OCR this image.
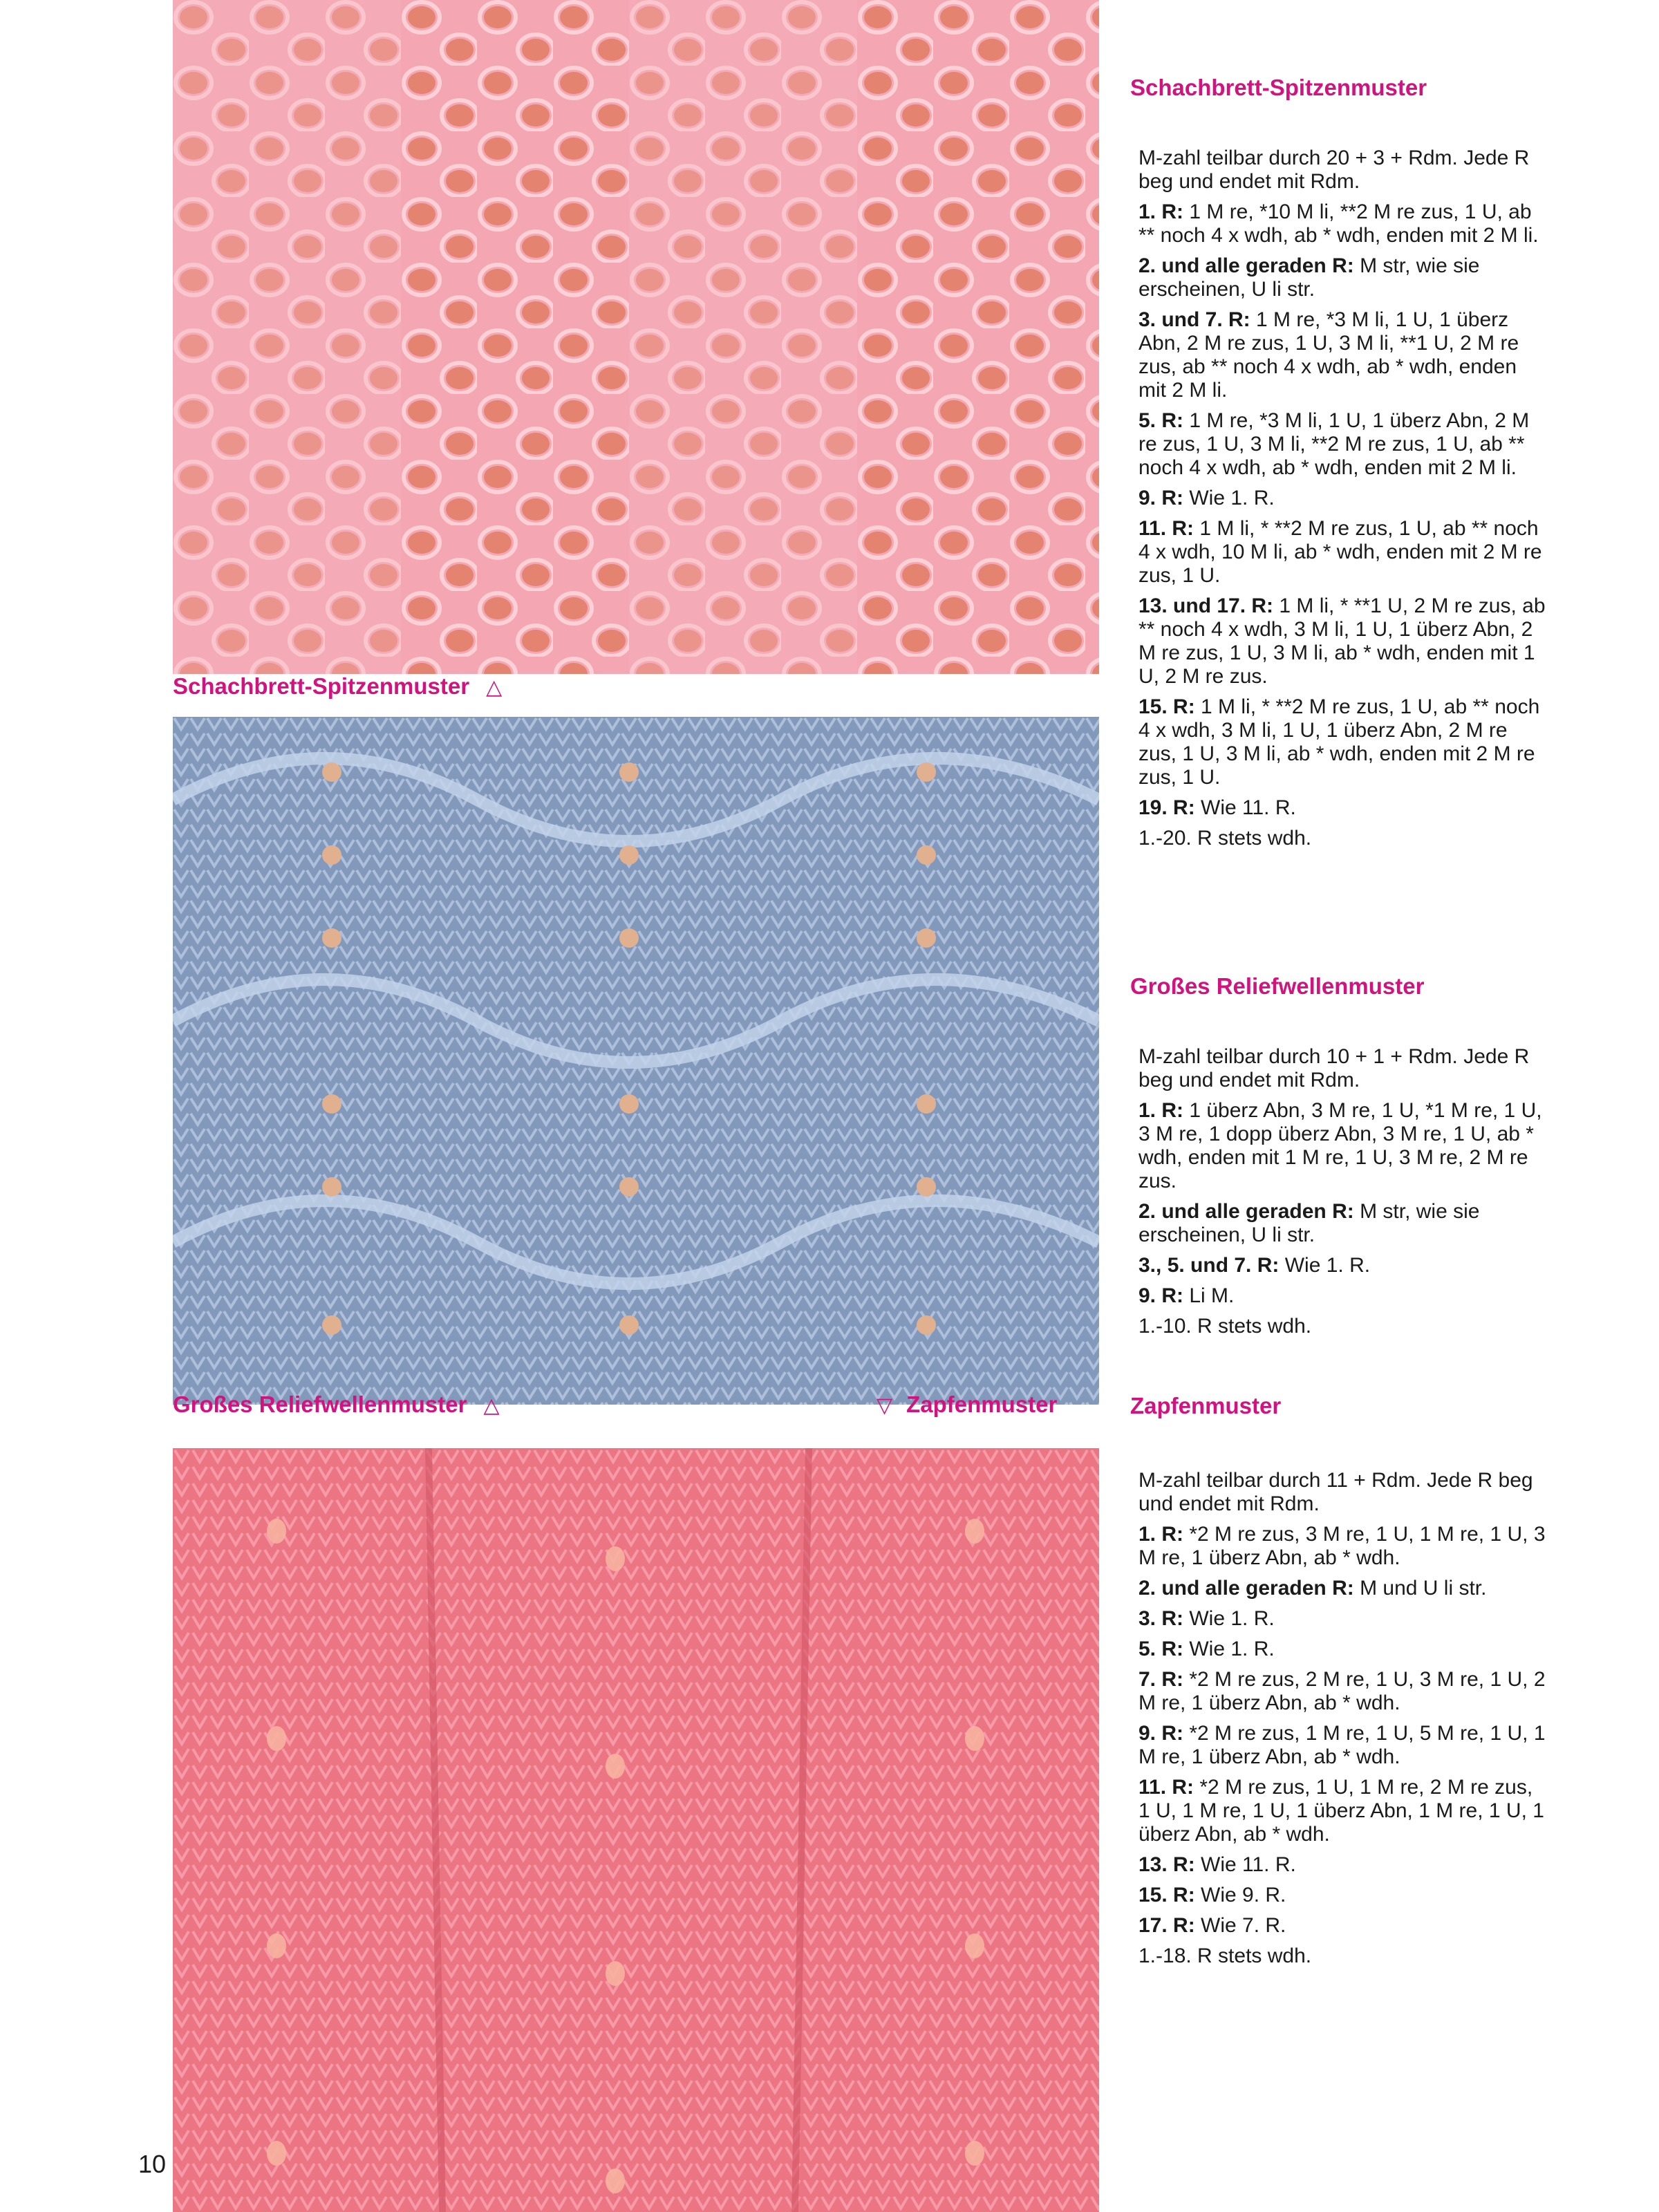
Schachbrett-Spitzenmuster △
Großes Reliefwellenmuster △	▽ Zapfenmuster
Schachbrett-Spitzenmuster

M-zahl teilbar durch 20 + 3 + Rdm. Jede R beg und endet mit Rdm.

1. R: 1 M re, *10 M li, **2 M re zus, 1 U, ab ** noch 4 x wdh, ab * wdh, enden mit 2 M li.

2. und alle geraden R: M str, wie sie erscheinen, U li str.

3. und 7. R: 1 M re, *3 M li, 1 U, 1 überz Abn, 2 M re zus, 1 U, 3 M li, **1 U, 2 M re zus, ab ** noch 4 x wdh, ab * wdh, enden mit 2 M li.

5. R: 1 M re, *3 M li, 1 U, 1 überz Abn, 2 M re zus, 1 U, 3 M li, **2 M re zus, 1 U, ab ** noch 4 x wdh, ab * wdh, enden mit 2 M li.

9. R: Wie 1. R.

11. R: 1 M li, * **2 M re zus, 1 U, ab ** noch 4 x wdh, 10 M li, ab * wdh, enden mit 2 M re zus, 1 U.

13. und 17. R: 1 M li, * **1 U, 2 M re zus, ab ** noch 4 x wdh, 3 M li, 1 U, 1 überz Abn, 2 M re zus, 1 U, 3 M li, ab * wdh, enden mit 1 U, 2 M re zus.

15. R: 1 M li, * **2 M re zus, 1 U, ab ** noch 4 x wdh, 3 M li, 1 U, 1 überz Abn, 2 M re zus, 1 U, 3 M li, ab * wdh, enden mit 2 M re zus, 1 U.

19. R: Wie 11. R.

1.-20. R stets wdh.

Großes Reliefwellenmuster

M-zahl teilbar durch 10 + 1 + Rdm. Jede R beg und endet mit Rdm.

1. R: 1 überz Abn, 3 M re, 1 U, *1 M re, 1 U, 3 M re, 1 dopp überz Abn, 3 M re, 1 U, ab * wdh, enden mit 1 M re, 1 U, 3 M re, 2 M re zus.

2. und alle geraden R: M str, wie sie erscheinen, U li str.

3., 5. und 7. R: Wie 1. R.

9. R: Li M.

1.-10. R stets wdh.

Zapfenmuster

M-zahl teilbar durch 11 + Rdm. Jede R beg und endet mit Rdm.

1. R: *2 M re zus, 3 M re, 1 U, 1 M re, 1 U, 3 M re, 1 überz Abn, ab * wdh.

2. und alle geraden R: M und U li str.

3. R: Wie 1. R.

5. R: Wie 1. R.

7. R: *2 M re zus, 2 M re, 1 U, 3 M re, 1 U, 2 M re, 1 überz Abn, ab * wdh.

9. R: *2 M re zus, 1 M re, 1 U, 5 M re, 1 U, 1 M re, 1 überz Abn, ab * wdh.

11. R: *2 M re zus, 1 U, 1 M re, 2 M re zus, 1 U, 1 M re, 1 U, 1 überz Abn, 1 M re, 1 U, 1 überz Abn, ab * wdh.

13. R: Wie 11. R.

15. R: Wie 9. R.

17. R: Wie 7. R.

1.-18. R stets wdh.

10
